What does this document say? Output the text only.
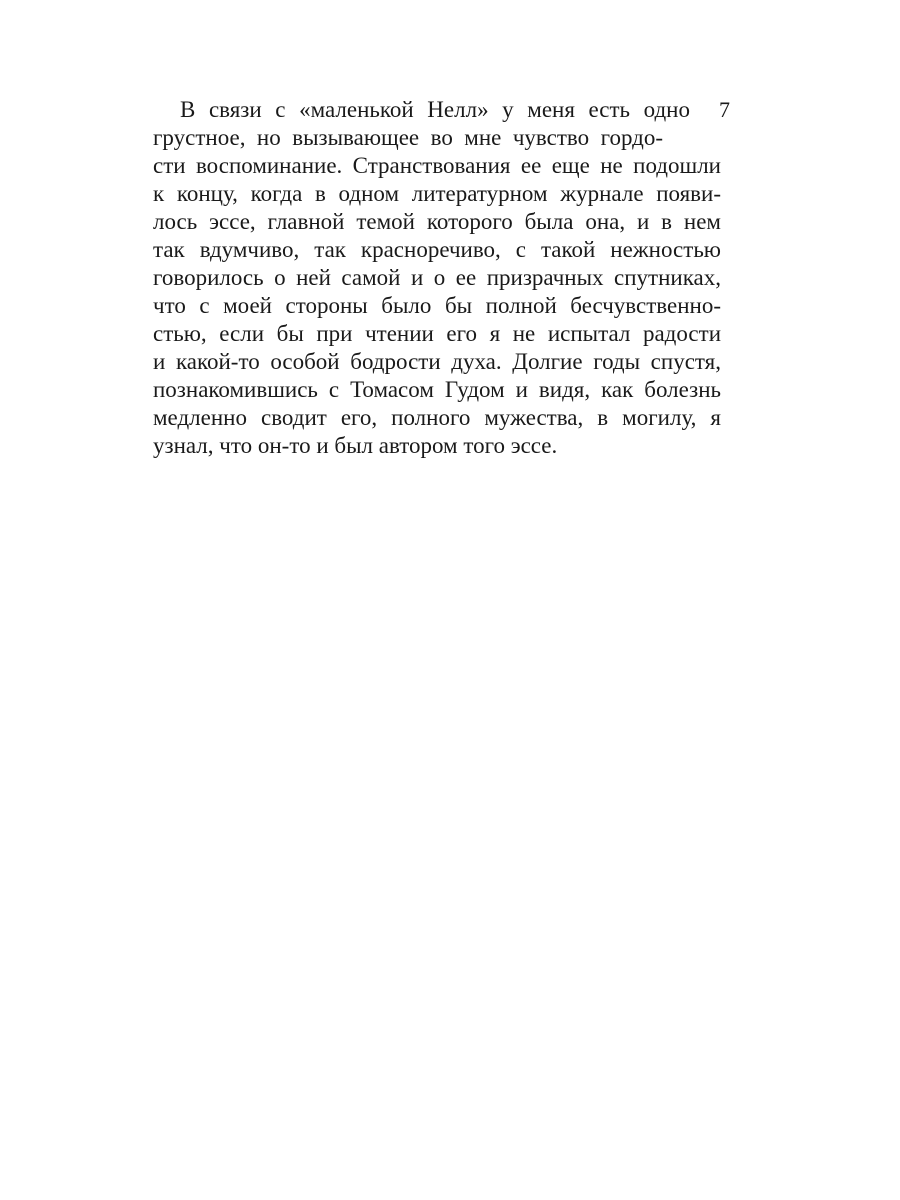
7
В связи с «маленькой Нелл» у меня есть одно
грустное, но вызывающее во мне чувство гордо-
сти воспоминание. Странствования ее еще не подошли
к концу, когда в одном литературном журнале появи-
лось эссе, главной темой которого была она, и в нем
так вдумчиво, так красноречиво, с такой нежностью
говорилось о ней самой и о ее призрачных спутниках,
что с моей стороны было бы полной бесчувственно-
стью, если бы при чтении его я не испытал радости
и какой-то особой бодрости духа. Долгие годы спустя,
познакомившись с Томасом Гудом и видя, как болезнь
медленно сводит его, полного мужества, в могилу, я
узнал, что он-то и был автором того эссе.
